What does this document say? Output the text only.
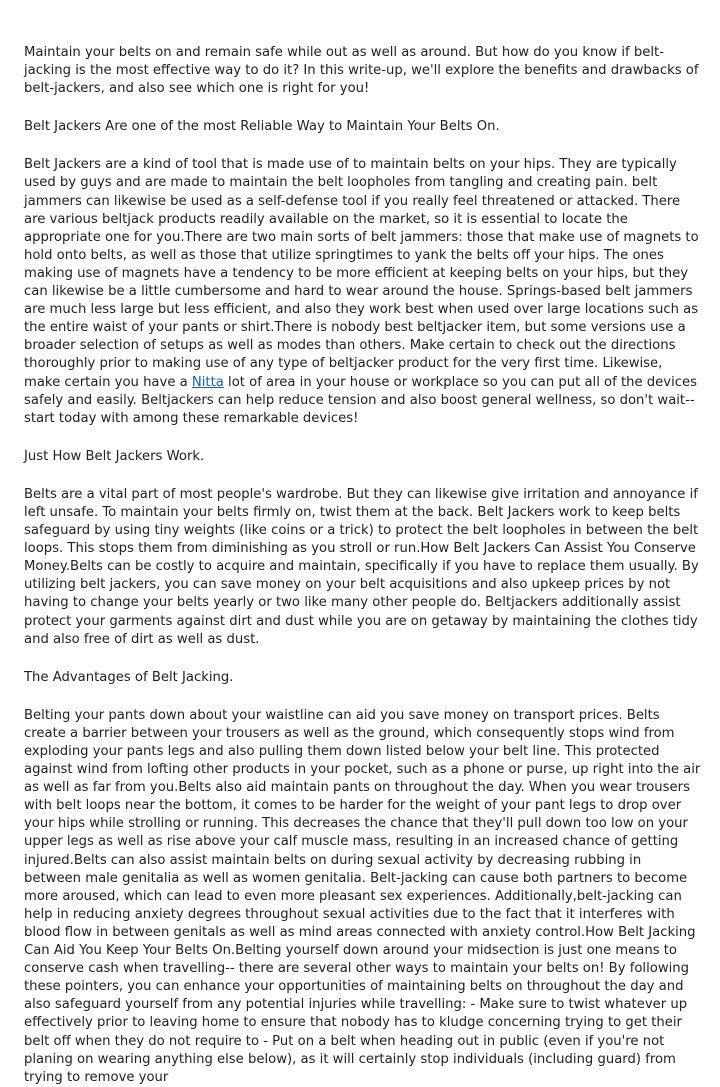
Maintain your belts on and remain safe while out as well as around. But how do you know if belt-jacking is the most effective way to do it? In this write-up, we'll explore the benefits and drawbacks of belt-jackers, and also see which one is right for you!

Belt Jackers Are one of the most Reliable Way to Maintain Your Belts On.

Belt Jackers are a kind of tool that is made use of to maintain belts on your hips. They are typically used by guys and are made to maintain the belt loopholes from tangling and creating pain. belt jammers can likewise be used as a self-defense tool if you really feel threatened or attacked. There are various beltjack products readily available on the market, so it is essential to locate the appropriate one for you.There are two main sorts of belt jammers: those that make use of magnets to hold onto belts, as well as those that utilize springtimes to yank the belts off your hips. The ones making use of magnets have a tendency to be more efficient at keeping belts on your hips, but they can likewise be a little cumbersome and hard to wear around the house. Springs-based belt jammers are much less large but less efficient, and also they work best when used over large locations such as the entire waist of your pants or shirt.There is nobody best beltjacker item, but some versions use a broader selection of setups as well as modes than others. Make certain to check out the directions thoroughly prior to making use of any type of beltjacker product for the very first time. Likewise, make certain you have a Nitta lot of area in your house or workplace so you can put all of the devices safely and easily. Beltjackers can help reduce tension and also boost general wellness, so don't wait-- start today with among these remarkable devices!

Just How Belt Jackers Work.

Belts are a vital part of most people's wardrobe. But they can likewise give irritation and annoyance if left unsafe. To maintain your belts firmly on, twist them at the back. Belt Jackers work to keep belts safeguard by using tiny weights (like coins or a trick) to protect the belt loopholes in between the belt loops. This stops them from diminishing as you stroll or run.How Belt Jackers Can Assist You Conserve Money.Belts can be costly to acquire and maintain, specifically if you have to replace them usually. By utilizing belt jackers, you can save money on your belt acquisitions and also upkeep prices by not having to change your belts yearly or two like many other people do. Beltjackers additionally assist protect your garments against dirt and dust while you are on getaway by maintaining the clothes tidy and also free of dirt as well as dust.

The Advantages of Belt Jacking.

Belting your pants down about your waistline can aid you save money on transport prices. Belts create a barrier between your trousers as well as the ground, which consequently stops wind from exploding your pants legs and also pulling them down listed below your belt line. This protected against wind from lofting other products in your pocket, such as a phone or purse, up right into the air as well as far from you.Belts also aid maintain pants on throughout the day. When you wear trousers with belt loops near the bottom, it comes to be harder for the weight of your pant legs to drop over your hips while strolling or running. This decreases the chance that they'll pull down too low on your upper legs as well as rise above your calf muscle mass, resulting in an increased chance of getting injured.Belts can also assist maintain belts on during sexual activity by decreasing rubbing in between male genitalia as well as women genitalia. Belt-jacking can cause both partners to become more aroused, which can lead to even more pleasant sex experiences. Additionally,belt-jacking can help in reducing anxiety degrees throughout sexual activities due to the fact that it interferes with blood flow in between genitals as well as mind areas connected with anxiety control.How Belt Jacking Can Aid You Keep Your Belts On.Belting yourself down around your midsection is just one means to conserve cash when travelling-- there are several other ways to maintain your belts on! By following these pointers, you can enhance your opportunities of maintaining belts on throughout the day and also safeguard yourself from any potential injuries while travelling: - Make sure to twist whatever up effectively prior to leaving home to ensure that nobody has to kludge concerning trying to get their belt off when they do not require to - Put on a belt when heading out in public (even if you're not planing on wearing anything else below), as it will certainly stop individuals (including guard) from trying to remove your
